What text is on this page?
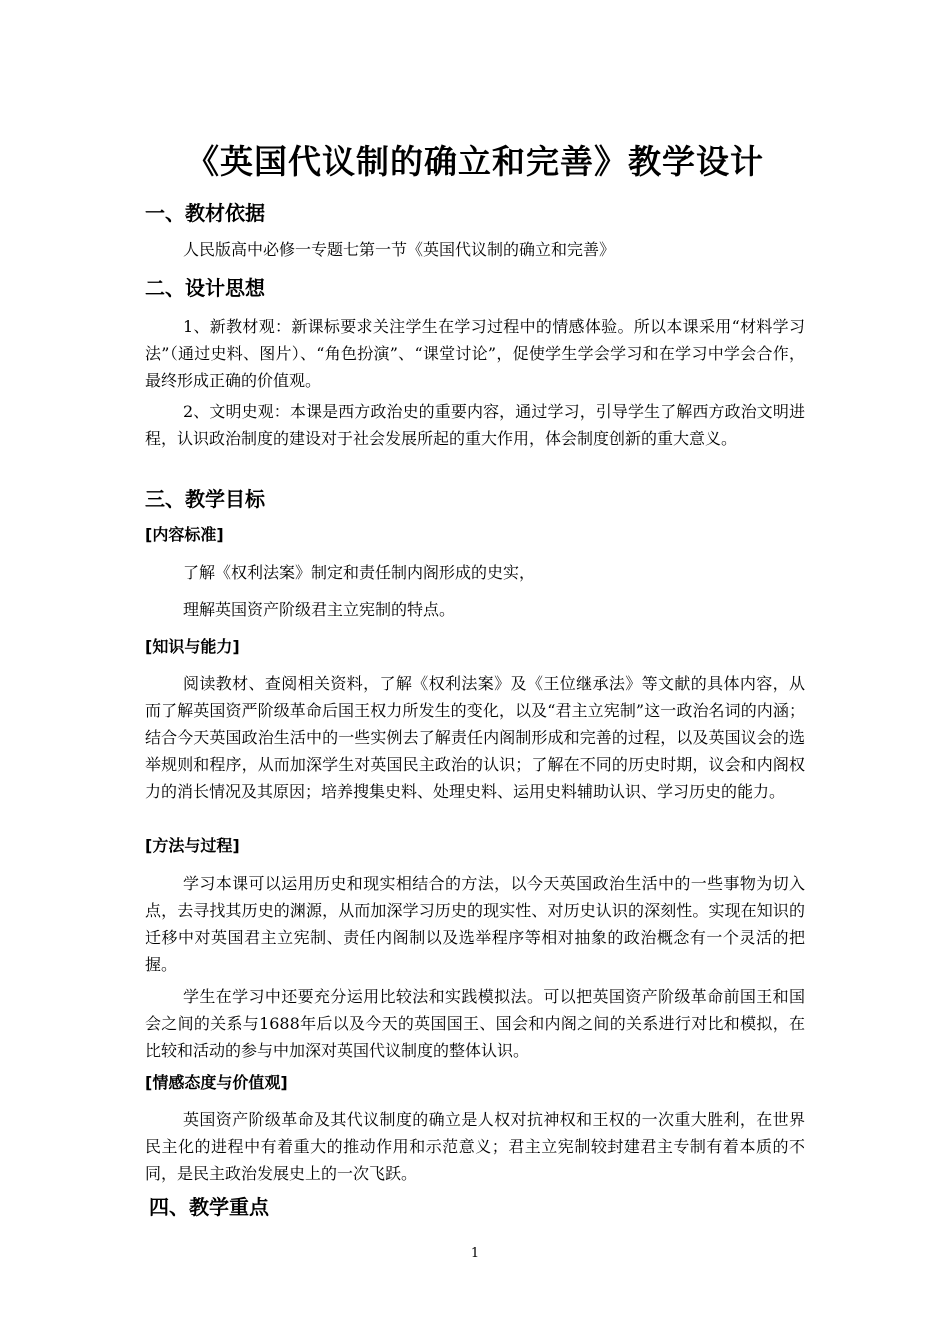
《英国代议制的确立和完善》教学设计
一、教材依据
人民版高中必修一专题七第一节《英国代议制的确立和完善》
二、设计思想
1、新教材观：新课标要求关注学生在学习过程中的情感体验。所以本课采用“材料学习法”（通过史料、图片）、“角色扮演”、“课堂讨论”，促使学生学会学习和在学习中学会合作，最终形成正确的价值观。
2、文明史观：本课是西方政治史的重要内容，通过学习，引导学生了解西方政治文明进程，认识政治制度的建设对于社会发展所起的重大作用，体会制度创新的重大意义。
三、教学目标
[内容标准]
了解《权利法案》制定和责任制内阁形成的史实，
理解英国资产阶级君主立宪制的特点。
[知识与能力]
阅读教材、查阅相关资料，了解《权利法案》及《王位继承法》等文献的具体内容，从而了解英国资严阶级革命后国王权力所发生的变化，以及“君主立宪制”这一政治名词的内涵；结合今天英国政治生活中的一些实例去了解责任内阁制形成和完善的过程，以及英国议会的选举规则和程序，从而加深学生对英国民主政治的认识；了解在不同的历史时期，议会和内阁权力的消长情况及其原因；培养搜集史料、处理史料、运用史料辅助认识、学习历史的能力。
[方法与过程]
学习本课可以运用历史和现实相结合的方法，以今天英国政治生活中的一些事物为切入点，去寻找其历史的渊源，从而加深学习历史的现实性、对历史认识的深刻性。实现在知识的迁移中对英国君主立宪制、责任内阁制以及选举程序等相对抽象的政治概念有一个灵活的把握。
学生在学习中还要充分运用比较法和实践模拟法。可以把英国资产阶级革命前国王和国会之间的关系与1688年后以及今天的英国国王、国会和内阁之间的关系进行对比和模拟，在比较和活动的参与中加深对英国代议制度的整体认识。
[情感态度与价值观]
英国资产阶级革命及其代议制度的确立是人权对抗神权和王权的一次重大胜利，在世界民主化的进程中有着重大的推动作用和示范意义；君主立宪制较封建君主专制有着本质的不同，是民主政治发展史上的一次飞跃。
四、教学重点
1
